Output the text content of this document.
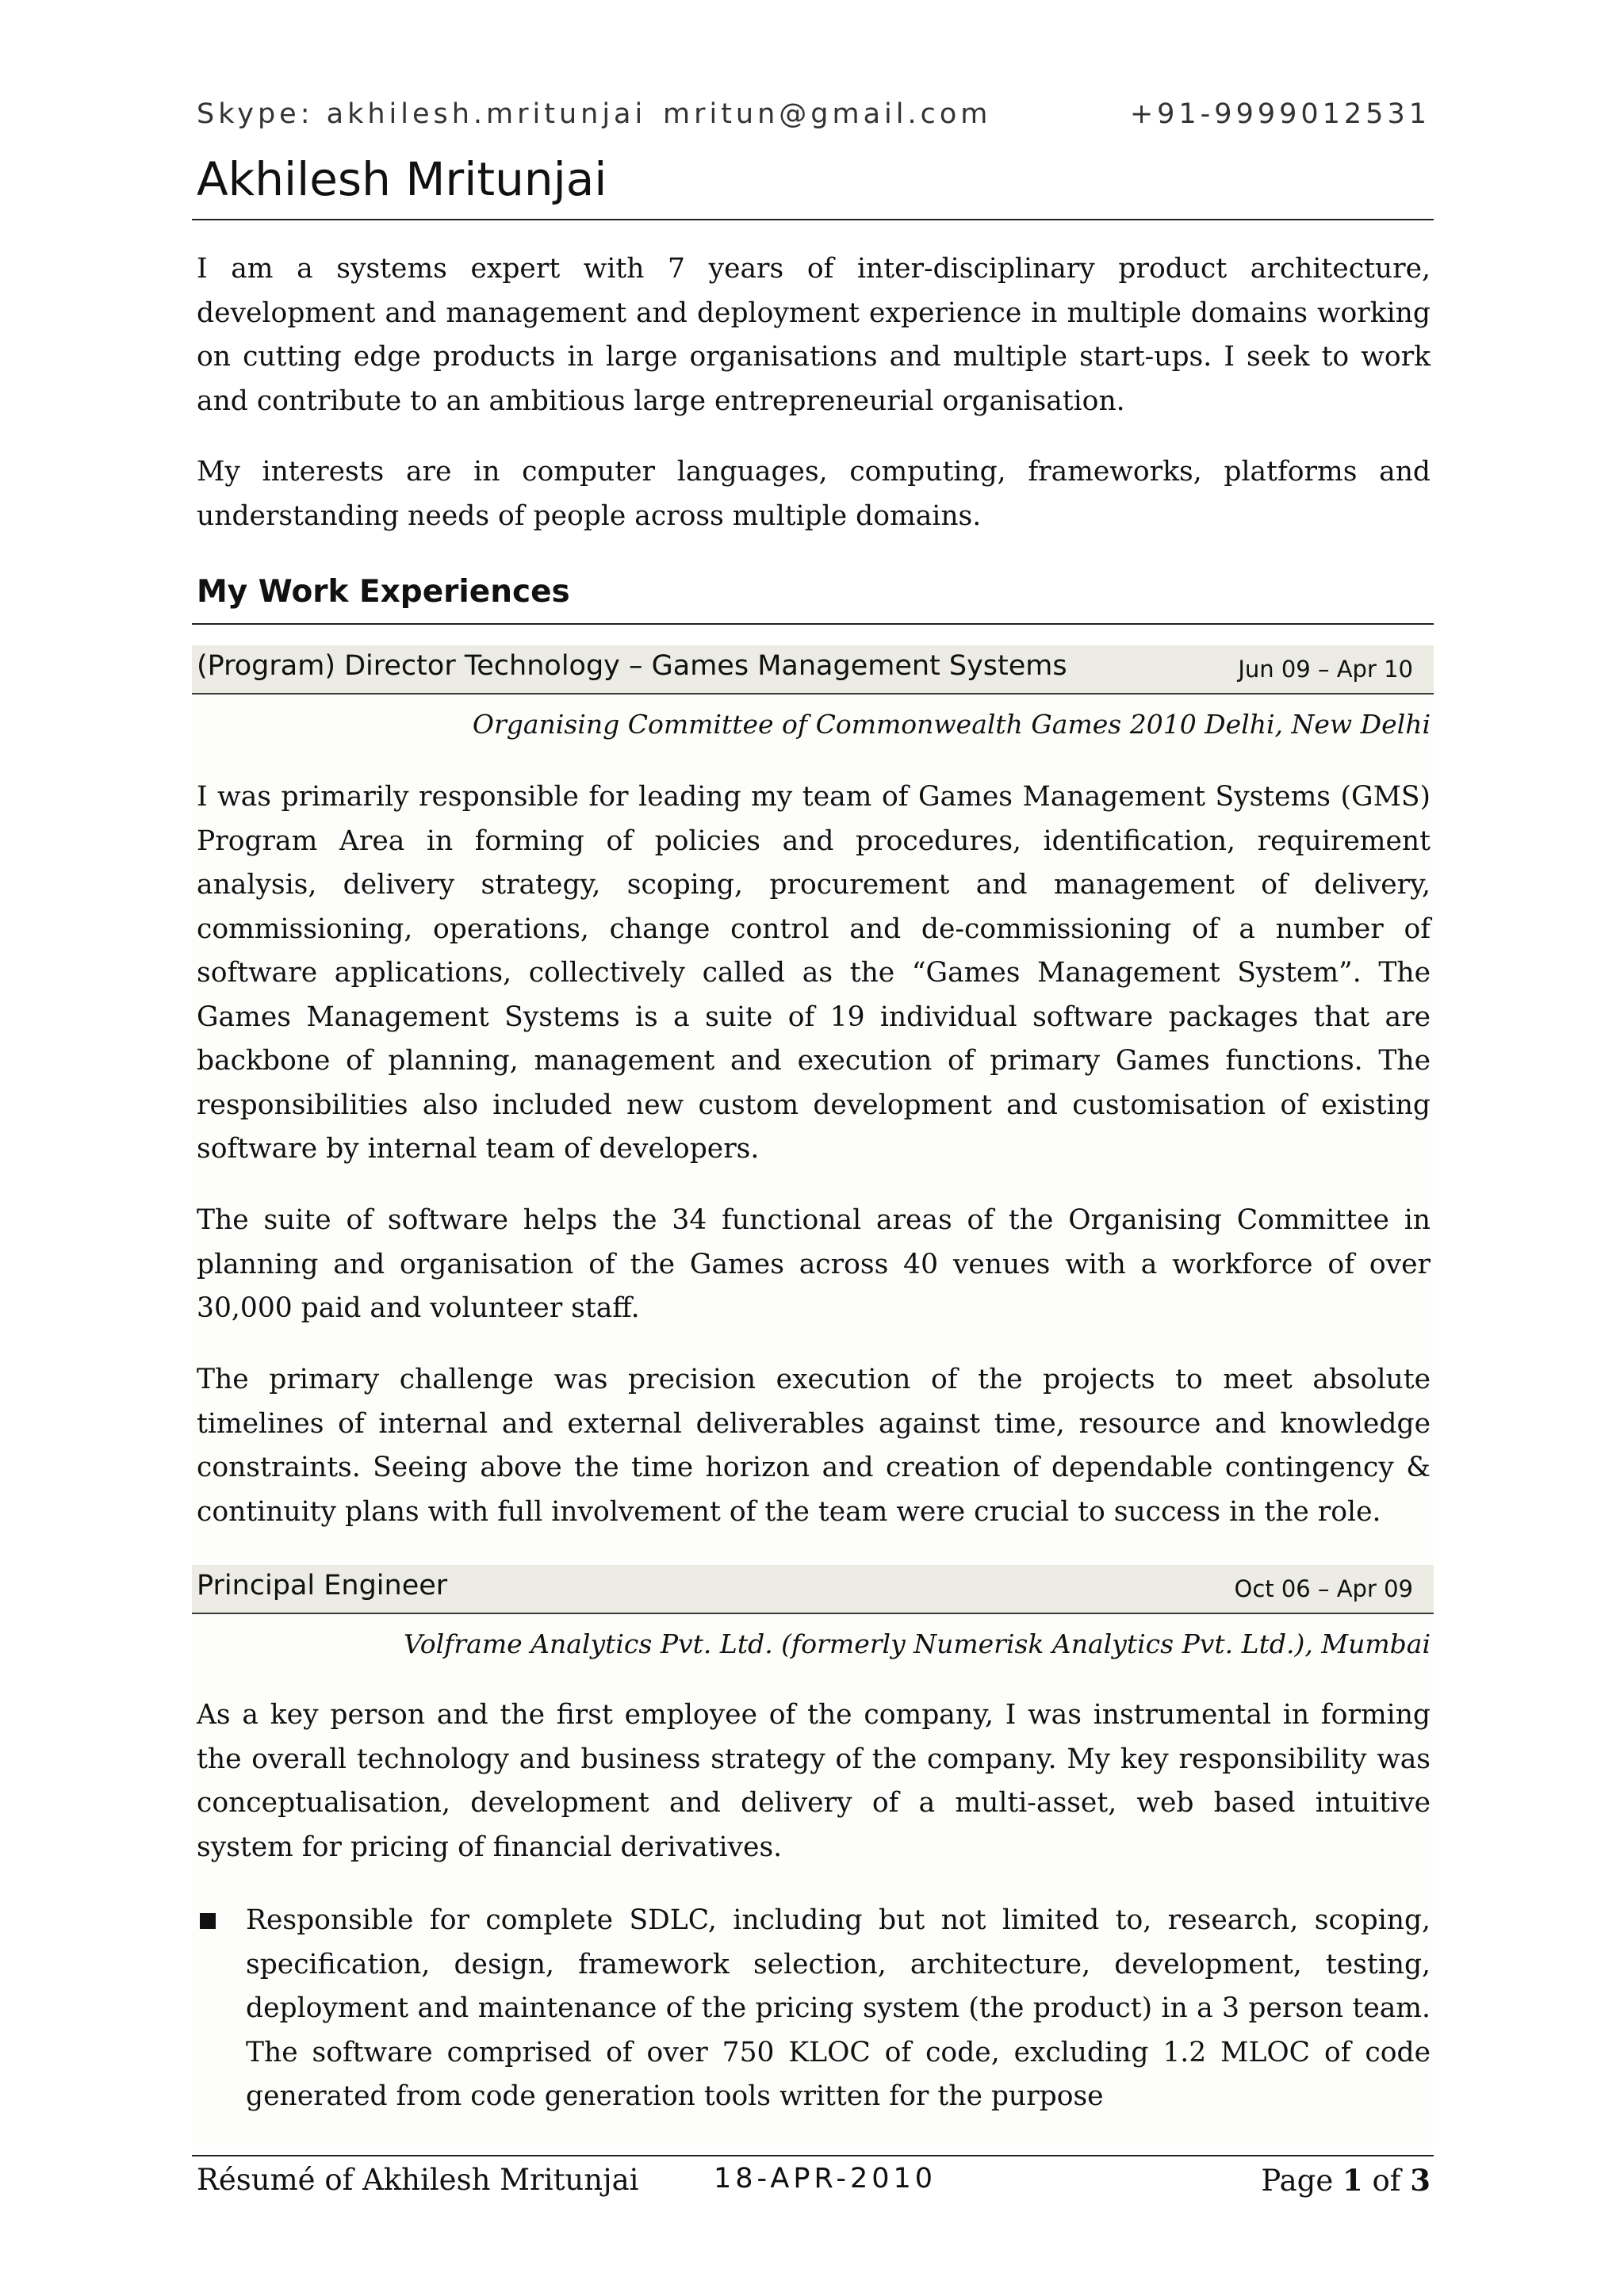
Skype: akhilesh.mritunjai mritun@gmail.com	+91-9999012531
Akhilesh Mritunjai

I am a systems expert with 7 years of inter-disciplinary product architecture, development and management and deployment experience in multiple domains working on cutting edge products in large organisations and multiple start-ups. I seek to work and contribute to an ambitious large entrepreneurial organisation.

My interests are in computer languages, computing, frameworks, platforms and understanding needs of people across multiple domains.

My Work Experiences
(Program) Director Technology – Games Management Systems	Jun 09 – Apr 10

Organising Committee of Commonwealth Games 2010 Delhi, New Delhi

I was primarily responsible for leading my team of Games Management Systems (GMS) Program Area in forming of policies and procedures, identification, requirement analysis, delivery strategy, scoping, procurement and management of delivery, commissioning, operations, change control and de-commissioning of a number of software applications, collectively called as the “Games Management System”. The Games Management Systems is a suite of 19 individual software packages that are backbone of planning, management and execution of primary Games functions. The responsibilities also included new custom development and customisation of existing software by internal team of developers.

The suite of software helps the 34 functional areas of the Organising Committee in planning and organisation of the Games across 40 venues with a workforce of over 30,000 paid and volunteer staff.

The primary challenge was precision execution of the projects to meet absolute timelines of internal and external deliverables against time, resource and knowledge constraints. Seeing above the time horizon and creation of dependable contingency & continuity plans with full involvement of the team were crucial to success in the role.

Principal Engineer	Oct 06 – Apr 09

Volframe Analytics Pvt. Ltd. (formerly Numerisk Analytics Pvt. Ltd.), Mumbai

As a key person and the first employee of the company, I was instrumental in forming the overall technology and business strategy of the company. My key responsibility was conceptualisation, development and delivery of a multi-asset, web based intuitive system for pricing of financial derivatives.

Responsible for complete SDLC, including but not limited to, research, scoping, specification, design, framework selection, architecture, development, testing, deployment and maintenance of the pricing system (the product) in a 3 person team. The software comprised of over 750 KLOC of code, excluding 1.2 MLOC of code generated from code generation tools written for the purpose
Résumé of Akhilesh Mritunjai	18-APR-2010	Page 1 of 3
